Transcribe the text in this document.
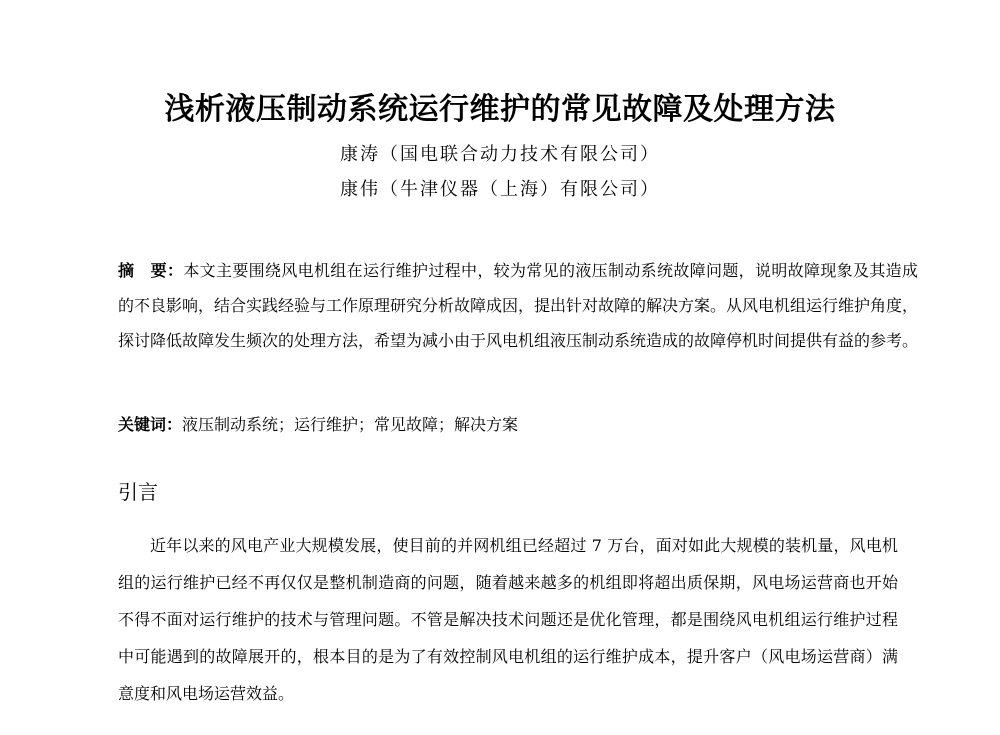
浅析液压制动系统运行维护的常见故障及处理方法
康涛（国电联合动力技术有限公司）
康伟（牛津仪器（上海）有限公司）
摘　要：本文主要围绕风电机组在运行维护过程中，较为常见的液压制动系统故障问题，说明故障现象及其造成的不良影响，结合实践经验与工作原理研究分析故障成因，提出针对故障的解决方案。从风电机组运行维护角度，探讨降低故障发生频次的处理方法，希望为减小由于风电机组液压制动系统造成的故障停机时间提供有益的参考。
关键词：液压制动系统；运行维护；常见故障；解决方案
引言
近年以来的风电产业大规模发展，使目前的并网机组已经超过 7 万台，面对如此大规模的装机量，风电机组的运行维护已经不再仅仅是整机制造商的问题，随着越来越多的机组即将超出质保期，风电场运营商也开始不得不面对运行维护的技术与管理问题。不管是解决技术问题还是优化管理，都是围绕风电机组运行维护过程中可能遇到的故障展开的，根本目的是为了有效控制风电机组的运行维护成本，提升客户（风电场运营商）满意度和风电场运营效益。
